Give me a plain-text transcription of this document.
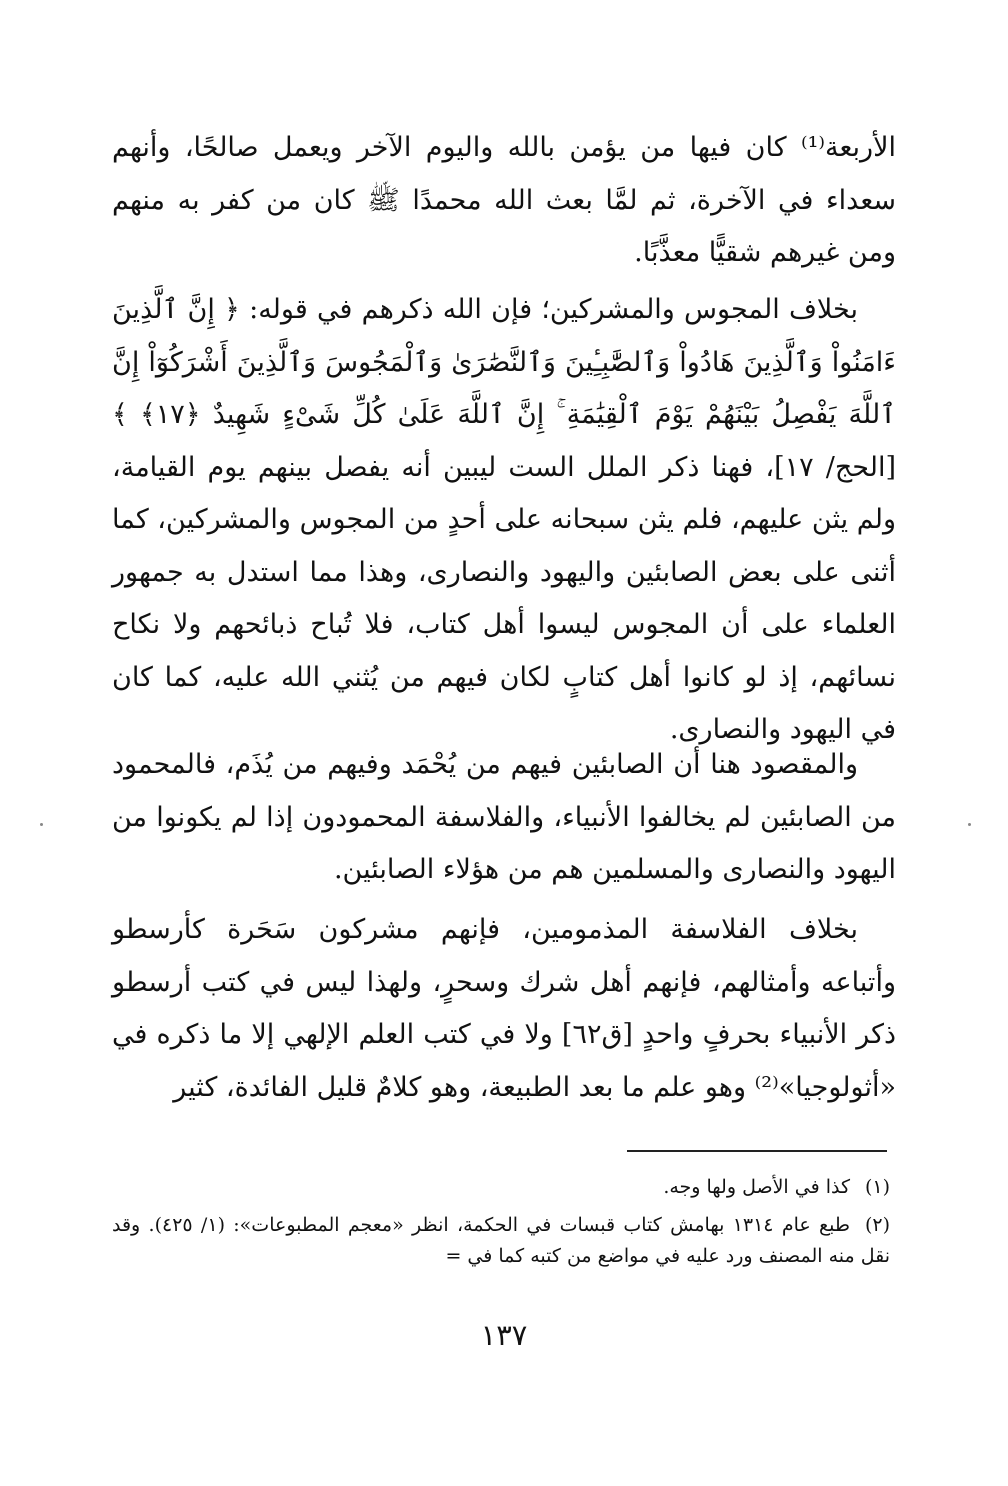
الأربعة⁽¹⁾ كان فيها من يؤمن بالله واليوم الآخر ويعمل صالحًا، وأنهم سعداء في الآخرة، ثم لمَّا بعث الله محمدًا ﷺ كان من كفر به منهم ومن غيرهم شقيًّا معذَّبًا.

بخلاف المجوس والمشركين؛ فإن الله ذكرهم في قوله: ﴿ إِنَّ ٱلَّذِينَ ءَامَنُواْ وَٱلَّذِينَ هَادُواْ وَٱلصَّٰبِـِٔينَ وَٱلنَّصَٰرَىٰ وَٱلْمَجُوسَ وَٱلَّذِينَ أَشْرَكُوٓاْ إِنَّ ٱللَّهَ يَفْصِلُ بَيْنَهُمْ يَوْمَ ٱلْقِيَٰمَةِ ۚ إِنَّ ٱللَّهَ عَلَىٰ كُلِّ شَىْءٍ شَهِيدٌ ﴿١٧﴾ ﴾ [الحج/ ١٧]، فهنا ذكر الملل الست ليبين أنه يفصل بينهم يوم القيامة، ولم يثن عليهم، فلم يثن سبحانه على أحدٍ من المجوس والمشركين، كما أثنى على بعض الصابئين واليهود والنصارى، وهذا مما استدل به جمهور العلماء على أن المجوس ليسوا أهل كتاب، فلا تُباح ذبائحهم ولا نكاح نسائهم، إذ لو كانوا أهل كتابٍ لكان فيهم من يُثني الله عليه، كما كان في اليهود والنصارى.

والمقصود هنا أن الصابئين فيهم من يُحْمَد وفيهم من يُذَم، فالمحمود من الصابئين لم يخالفوا الأنبياء، والفلاسفة المحمودون إذا لم يكونوا من اليهود والنصارى والمسلمين هم من هؤلاء الصابئين.

بخلاف الفلاسفة المذمومين، فإنهم مشركون سَحَرة كأرسطو وأتباعه وأمثالهم، فإنهم أهل شرك وسحرٍ، ولهذا ليس في كتب أرسطو ذكر الأنبياء بحرفٍ واحدٍ [ق٦٢] ولا في كتب العلم الإلهي إلا ما ذكره في «أثولوجيا»⁽²⁾ وهو علم ما بعد الطبيعة، وهو كلامٌ قليل الفائدة، كثير

(١)كذا في الأصل ولها وجه.

(٢)طبع عام ١٣١٤ بهامش كتاب قبسات في الحكمة، انظر «معجم المطبوعات»: (١/ ٤٢٥). وقد نقل منه المصنف ورد عليه في مواضع من كتبه كما في =

١٣٧
